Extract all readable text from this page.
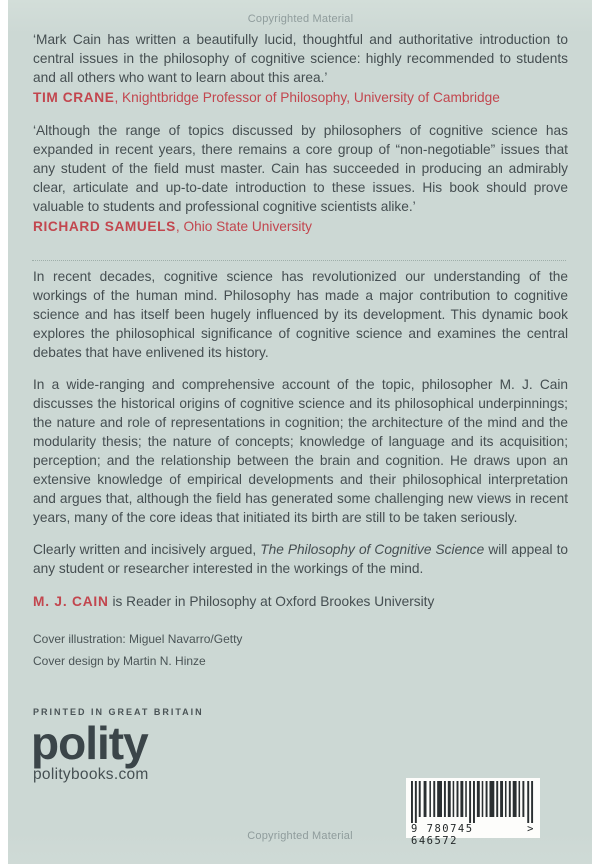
Copyrighted Material

‘Mark Cain has written a beautifully lucid, thoughtful and authoritative introduction to central issues in the philosophy of cognitive science: highly recommended to students and all others who want to learn about this area.’

TIM CRANE, Knightbridge Professor of Philosophy, University of Cambridge

‘Although the range of topics discussed by philosophers of cognitive science has expanded in recent years, there remains a core group of “non-negotiable” issues that any student of the field must master. Cain has succeeded in producing an admirably clear, articulate and up-to-date introduction to these issues. His book should prove valuable to students and professional cognitive scientists alike.’

RICHARD SAMUELS, Ohio State University

In recent decades, cognitive science has revolutionized our understanding of the workings of the human mind. Philosophy has made a major contribution to cognitive science and has itself been hugely influenced by its development. This dynamic book explores the philosophical significance of cognitive science and examines the central debates that have enlivened its history.

In a wide-ranging and comprehensive account of the topic, philosopher M. J. Cain discusses the historical origins of cognitive science and its philosophical underpinnings; the nature and role of representations in cognition; the architecture of the mind and the modularity thesis; the nature of concepts; knowledge of language and its acquisition; perception; and the relationship between the brain and cognition. He draws upon an extensive knowledge of empirical developments and their philosophical interpretation and argues that, although the field has generated some challenging new views in recent years, many of the core ideas that initiated its birth are still to be taken seriously.

Clearly written and incisively argued, The Philosophy of Cognitive Science will appeal to any student or researcher interested in the workings of the mind.

M. J. CAIN is Reader in Philosophy at Oxford Brookes University

Cover illustration: Miguel Navarro/Getty

Cover design by Martin N. Hinze

PRINTED IN GREAT BRITAIN

polity
politybooks.com
9 780745 646572
>
Copyrighted Material
